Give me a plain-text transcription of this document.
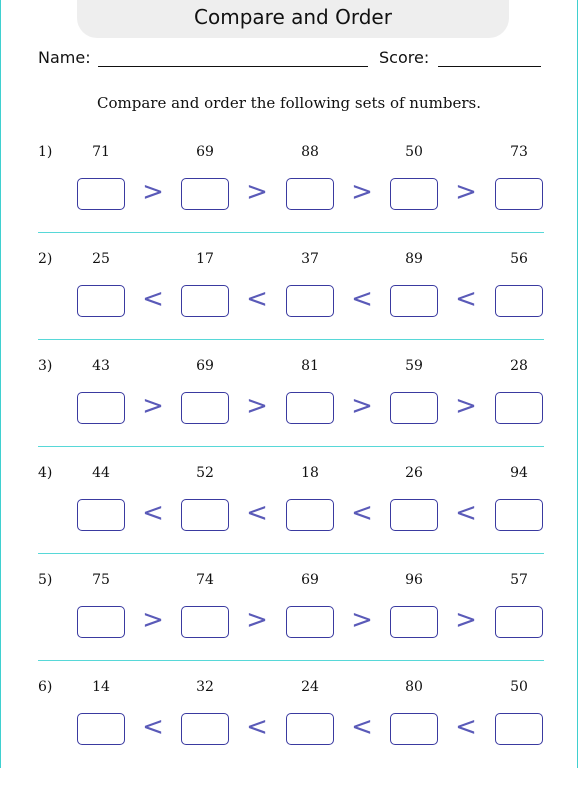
Compare and Order
Name:	Score:
Compare and order the following sets of numbers.
1)	71
>
69
>
88
>
50
>
73
2)	25
<
17
<
37
<
89
<
56
3)	43
>
69
>
81
>
59
>
28
4)	44
<
52
<
18
<
26
<
94
5)	75
>
74
>
69
>
96
>
57
6)	14
<
32
<
24
<
80
<
50
